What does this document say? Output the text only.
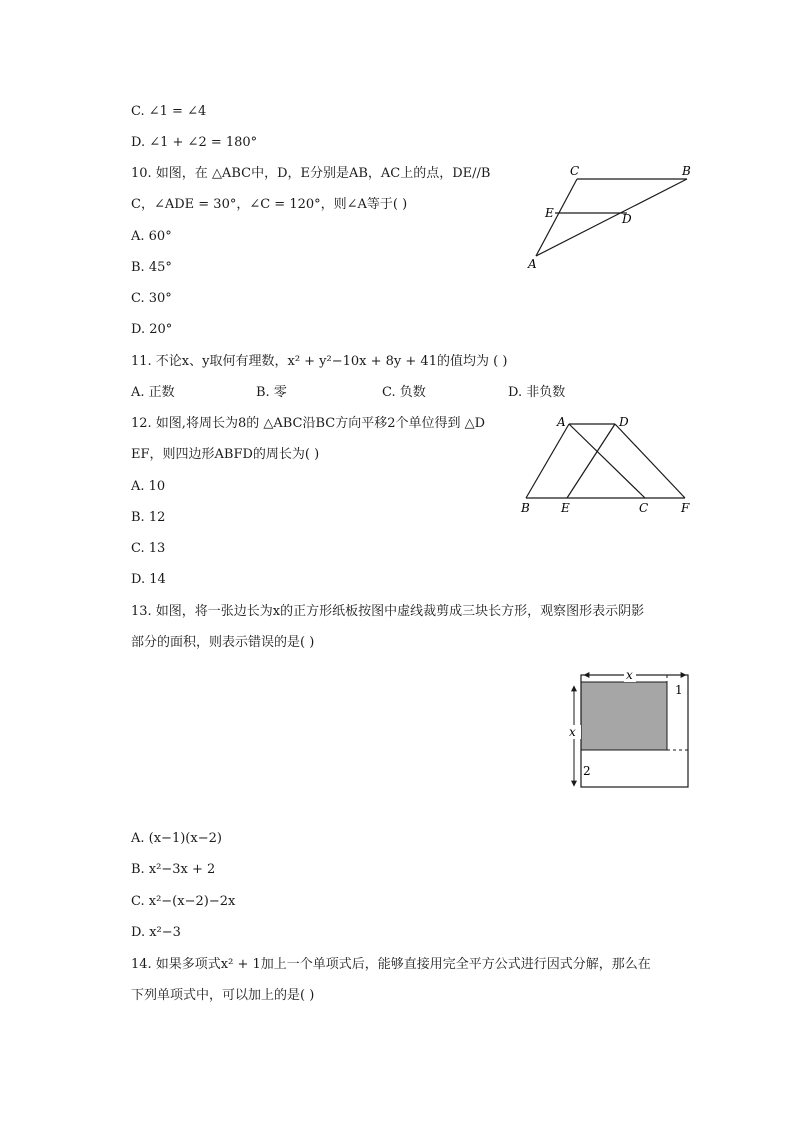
C. ∠1 = ∠4
D. ∠1 + ∠2 = 180°
10. 如图，在 △ABC中，D，E分别是AB，AC上的点，DE//B
C，∠ADE = 30°，∠C = 120°，则∠A等于( )
A. 60°
B. 45°
C. 30°
D. 20°
C	B
E	D
A
11. 不论x、y取何有理数，x² + y²−10x + 8y + 41的值均为 ( )
A. 正数	B. 零	C. 负数	D. 非负数
12. 如图,将周长为8的 △ABC沿BC方向平移2个单位得到 △D
EF，则四边形ABFD的周长为( )
A. 10
B. 12
C. 13
D. 14
A	D
B	E	C	F
13. 如图，将一张边长为x的正方形纸板按图中虚线裁剪成三块长方形，观察图形表示阴影
部分的面积，则表示错误的是( )
x
x
1
2
A. (x−1)(x−2)
B. x²−3x + 2
C. x²−(x−2)−2x
D. x²−3
14. 如果多项式x² + 1加上一个单项式后，能够直接用完全平方公式进行因式分解，那么在
下列单项式中，可以加上的是( )
